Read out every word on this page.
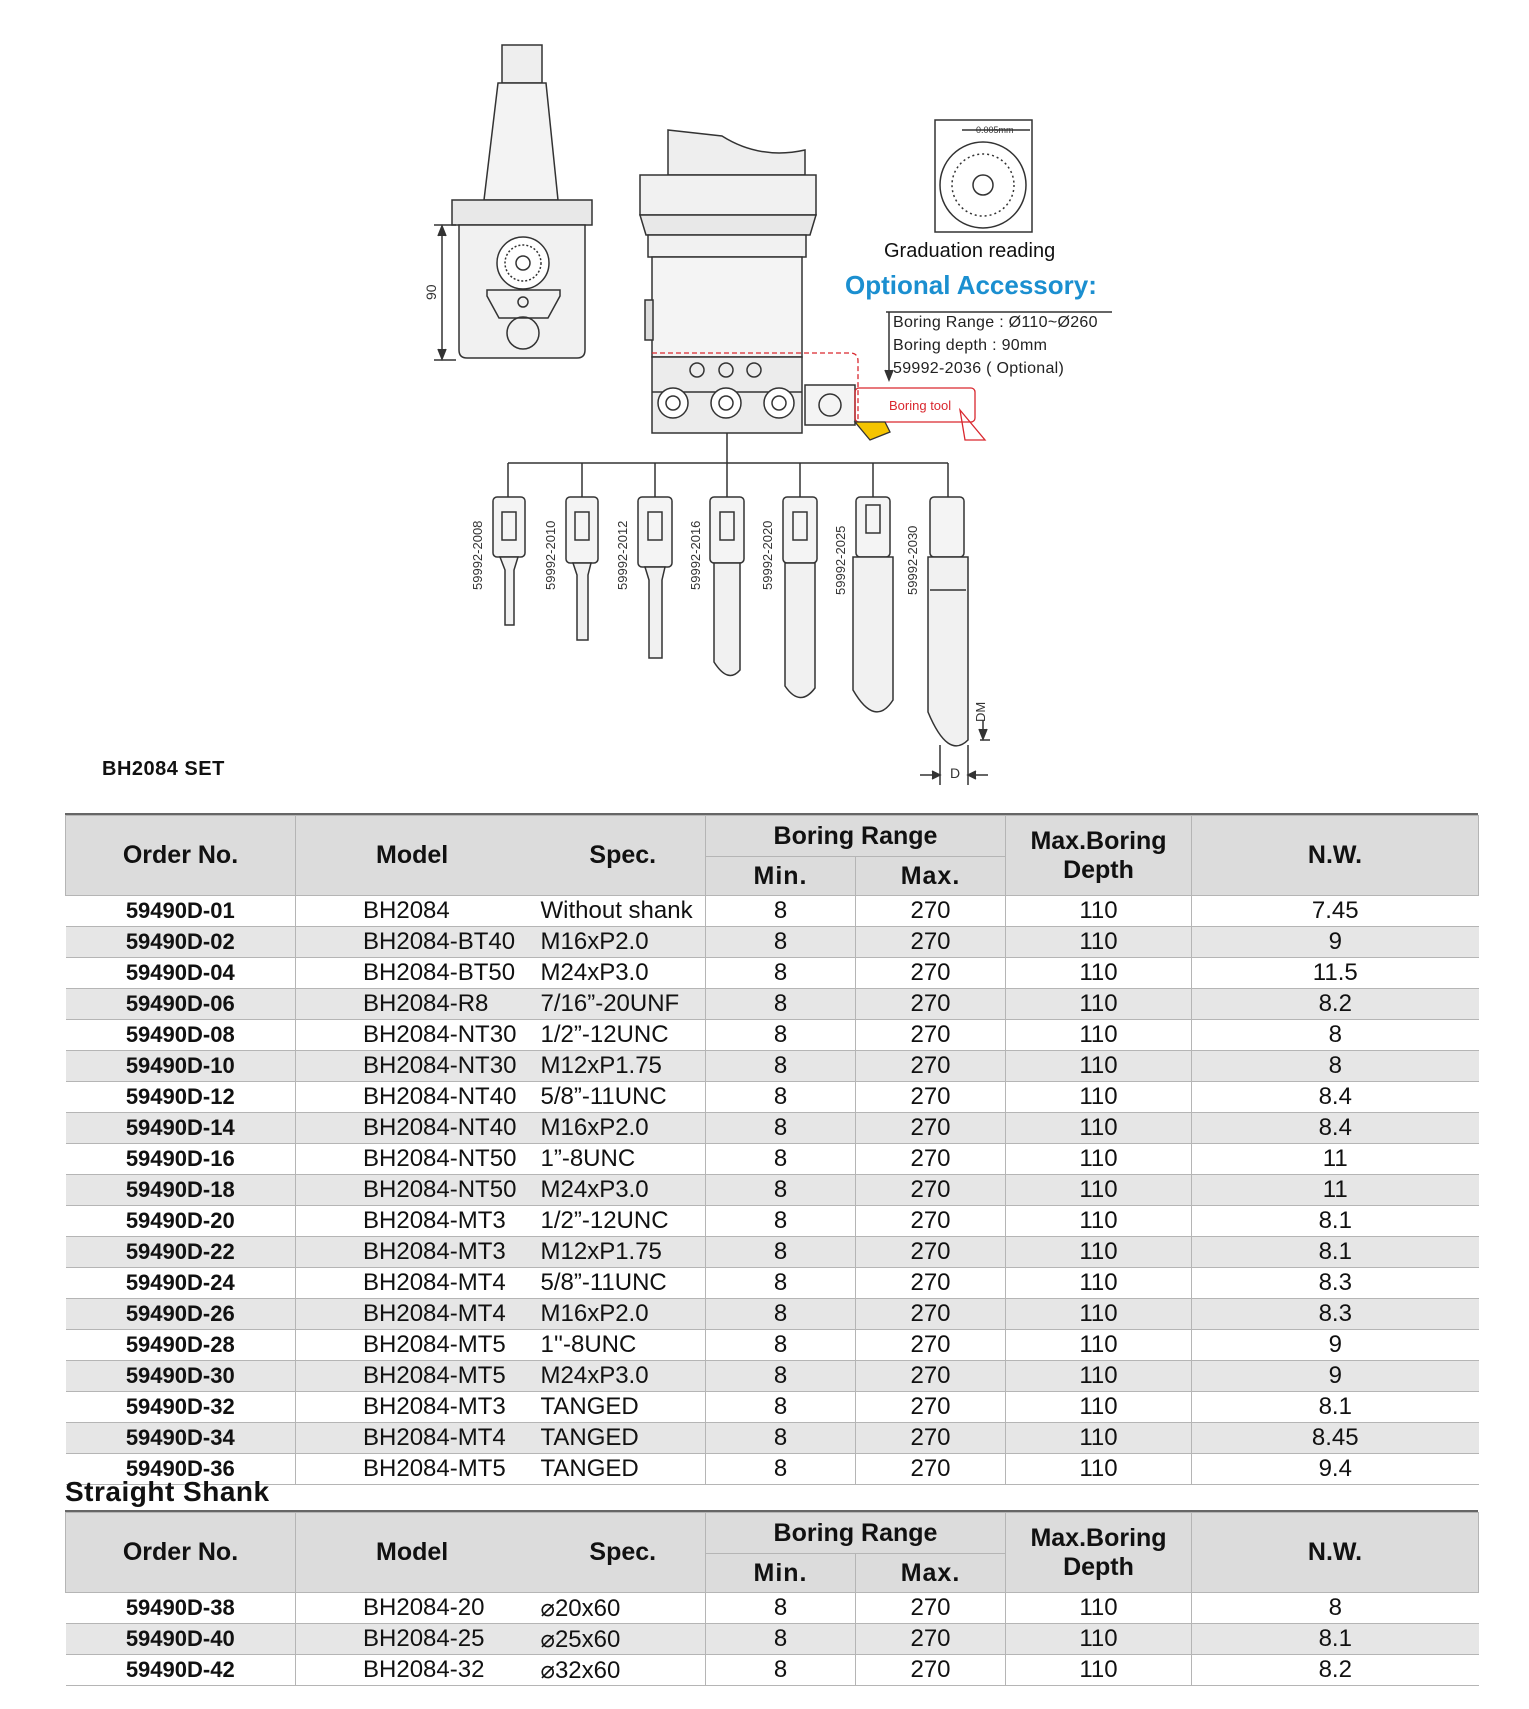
90
59992-2008	59992-2010	59992-2012	59992-2016	59992-2020	59992-2025	59992-2030
DM
D
Boring tool
0.005mm
Graduation reading
Optional Accessory:
Boring Range : Ø110~Ø260
Boring depth : 90mm
59992-2036 ( Optional)
BH2084 SET
Order No.	Model	Spec.	Boring Range		Max.Boring
Depth	N.W.
			Min.	Max.		
59490D-01	BH2084	Without shank	8	270	110	7.45
59490D-02	BH2084-BT40	M16xP2.0	8	270	110	9
59490D-04	BH2084-BT50	M24xP3.0	8	270	110	11.5
59490D-06	BH2084-R8	7/16”-20UNF	8	270	110	8.2
59490D-08	BH2084-NT30	1/2”-12UNC	8	270	110	8
59490D-10	BH2084-NT30	M12xP1.75	8	270	110	8
59490D-12	BH2084-NT40	5/8”-11UNC	8	270	110	8.4
59490D-14	BH2084-NT40	M16xP2.0	8	270	110	8.4
59490D-16	BH2084-NT50	1”-8UNC	8	270	110	11
59490D-18	BH2084-NT50	M24xP3.0	8	270	110	11
59490D-20	BH2084-MT3	1/2”-12UNC	8	270	110	8.1
59490D-22	BH2084-MT3	M12xP1.75	8	270	110	8.1
59490D-24	BH2084-MT4	5/8”-11UNC	8	270	110	8.3
59490D-26	BH2084-MT4	M16xP2.0	8	270	110	8.3
59490D-28	BH2084-MT5	1''-8UNC	8	270	110	9
59490D-30	BH2084-MT5	M24xP3.0	8	270	110	9
59490D-32	BH2084-MT3	TANGED	8	270	110	8.1
59490D-34	BH2084-MT4	TANGED	8	270	110	8.45
59490D-36	BH2084-MT5	TANGED	8	270	110	9.4
Straight Shank
Order No.	Model	Spec.	Boring Range		Max.Boring
Depth	N.W.
			Min.	Max.		
59490D-38	BH2084-20	⌀20x60	8	270	110	8
59490D-40	BH2084-25	⌀25x60	8	270	110	8.1
59490D-42	BH2084-32	⌀32x60	8	270	110	8.2
